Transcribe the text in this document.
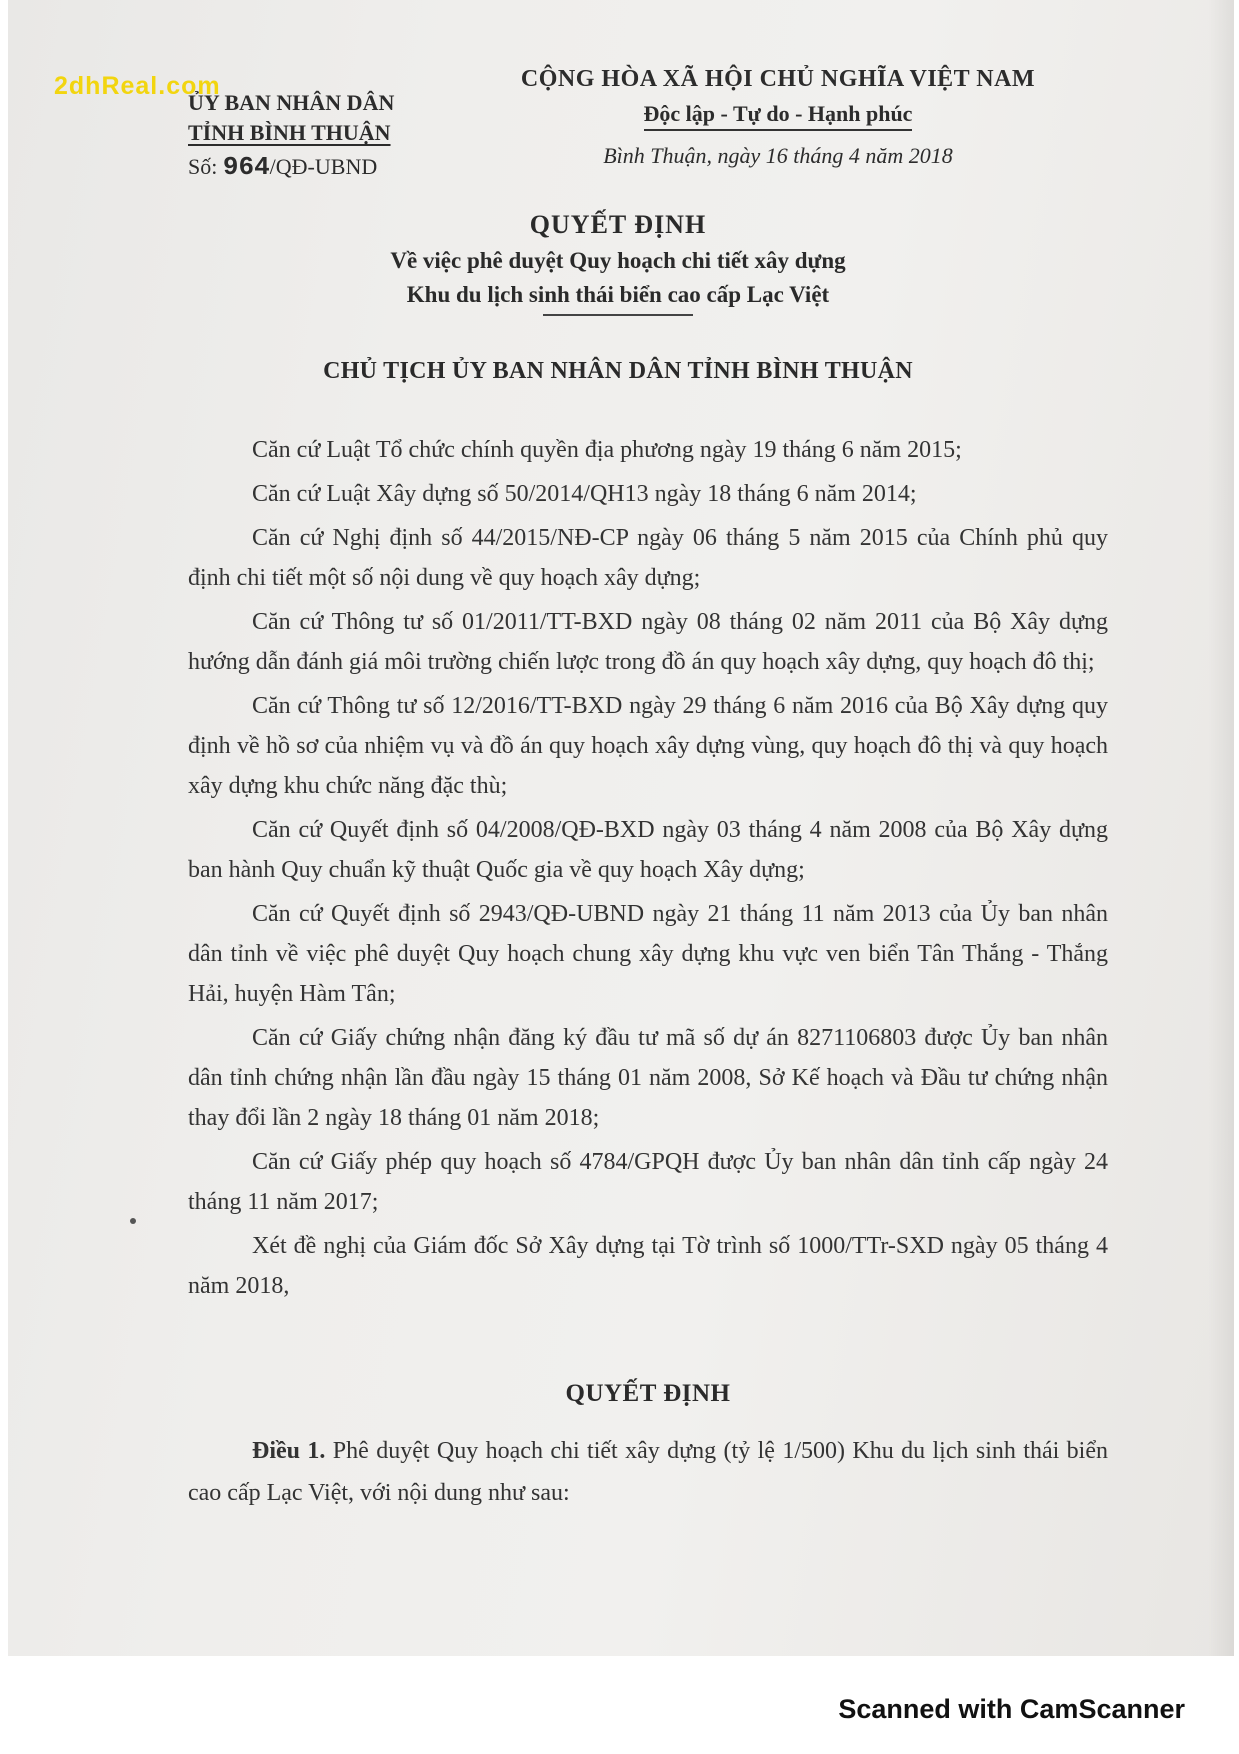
ỦY BAN NHÂN DÂN
TỈNH BÌNH THUẬN
Số: 964/QĐ-UBND
CỘNG HÒA XÃ HỘI CHỦ NGHĨA VIỆT NAM
Độc lập - Tự do - Hạnh phúc
Bình Thuận, ngày 16 tháng 4 năm 2018
QUYẾT ĐỊNH
Về việc phê duyệt Quy hoạch chi tiết xây dựng
Khu du lịch sinh thái biển cao cấp Lạc Việt
CHỦ TỊCH ỦY BAN NHÂN DÂN TỈNH BÌNH THUẬN

Căn cứ Luật Tổ chức chính quyền địa phương ngày 19 tháng 6 năm 2015;

Căn cứ Luật Xây dựng số 50/2014/QH13 ngày 18 tháng 6 năm 2014;

Căn cứ Nghị định số 44/2015/NĐ-CP ngày 06 tháng 5 năm 2015 của Chính phủ quy định chi tiết một số nội dung về quy hoạch xây dựng;

Căn cứ Thông tư số 01/2011/TT-BXD ngày 08 tháng 02 năm 2011 của Bộ Xây dựng hướng dẫn đánh giá môi trường chiến lược trong đồ án quy hoạch xây dựng, quy hoạch đô thị;

Căn cứ Thông tư số 12/2016/TT-BXD ngày 29 tháng 6 năm 2016 của Bộ Xây dựng quy định về hồ sơ của nhiệm vụ và đồ án quy hoạch xây dựng vùng, quy hoạch đô thị và quy hoạch xây dựng khu chức năng đặc thù;

Căn cứ Quyết định số 04/2008/QĐ-BXD ngày 03 tháng 4 năm 2008 của Bộ Xây dựng ban hành Quy chuẩn kỹ thuật Quốc gia về quy hoạch Xây dựng;

Căn cứ Quyết định số 2943/QĐ-UBND ngày 21 tháng 11 năm 2013 của Ủy ban nhân dân tỉnh về việc phê duyệt Quy hoạch chung xây dựng khu vực ven biển Tân Thắng - Thắng Hải, huyện Hàm Tân;

Căn cứ Giấy chứng nhận đăng ký đầu tư mã số dự án 8271106803 được Ủy ban nhân dân tỉnh chứng nhận lần đầu ngày 15 tháng 01 năm 2008, Sở Kế hoạch và Đầu tư chứng nhận thay đổi lần 2 ngày 18 tháng 01 năm 2018;

Căn cứ Giấy phép quy hoạch số 4784/GPQH được Ủy ban nhân dân tỉnh cấp ngày 24 tháng 11 năm 2017;

Xét đề nghị của Giám đốc Sở Xây dựng tại Tờ trình số 1000/TTr-SXD ngày 05 tháng 4 năm 2018,

QUYẾT ĐỊNH
Điều 1. Phê duyệt Quy hoạch chi tiết xây dựng (tỷ lệ 1/500) Khu du lịch sinh thái biển cao cấp Lạc Việt, với nội dung như sau:
2dhReal.com
Scanned with CamScanner
